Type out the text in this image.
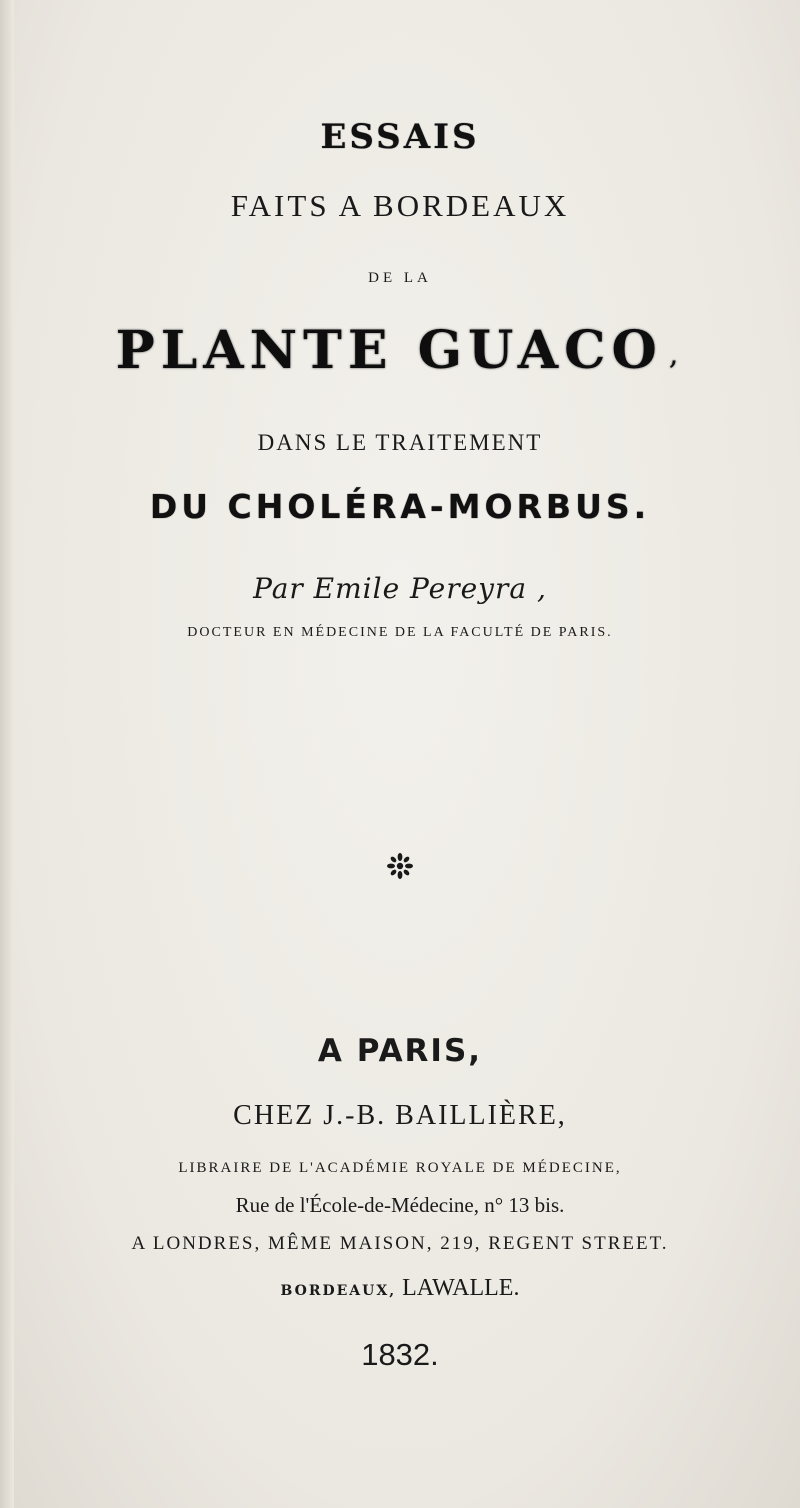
ESSAIS
FAITS A BORDEAUX
DE LA
PLANTE GUACO ,
DANS LE TRAITEMENT
DU CHOLÉRA-MORBUS.
Par Emile Pereyra ,
DOCTEUR EN MÉDECINE DE LA FACULTÉ DE PARIS.
A PARIS,
CHEZ J.-B. BAILLIÈRE,
LIBRAIRE DE L'ACADÉMIE ROYALE DE MÉDECINE,
Rue de l'École-de-Médecine, n° 13 bis.
A LONDRES, MÊME MAISON, 219, REGENT STREET.
BORDEAUX, LAWALLE.
1832.
